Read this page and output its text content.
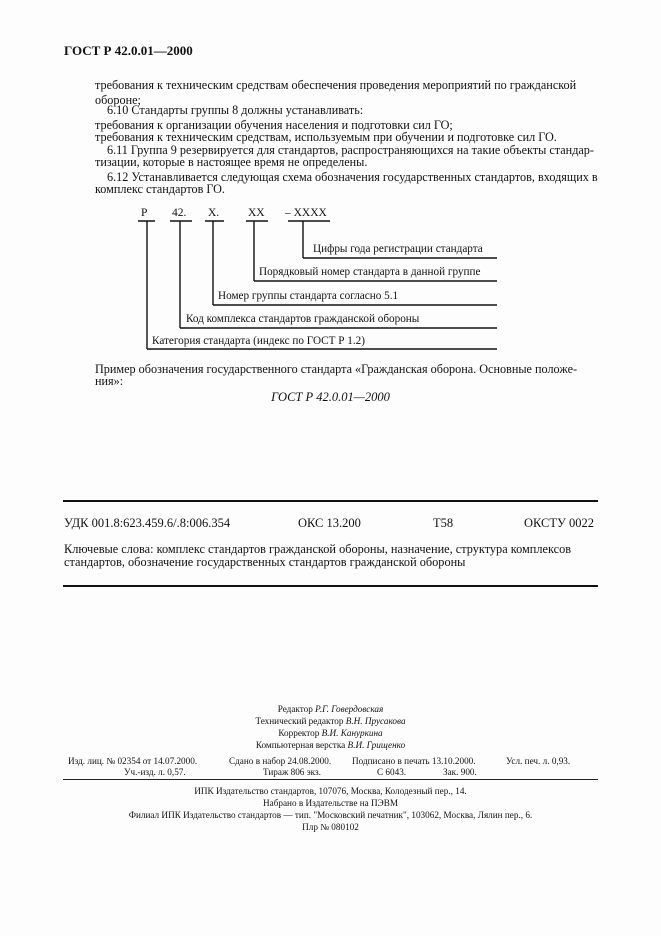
ГОСТ Р 42.0.01—2000
требования к техническим средствам обеспечения проведения мероприятий по гражданской
обороне;
6.10 Стандарты группы 8 должны устанавливать:
требования к организации обучения населения и подготовки сил ГО;
требования к техническим средствам, используемым при обучении и подготовке сил ГО.
6.11 Группа 9 резервируется для стандартов, распространяющихся на такие объекты стандар-
тизации, которые в настоящее время не определены.
6.12 Устанавливается следующая схема обозначения государственных стандартов, входящих в
комплекс стандартов ГО.
Р 42. Х.	ХХ – ХХХХ
Цифры года регистрации стандарта
Порядковый номер стандарта в данной группе
Номер группы стандарта согласно 5.1
Код комплекса стандартов гражданской обороны
Категория стандарта (индекс по ГОСТ Р 1.2)
Пример обозначения государственного стандарта «Гражданская оборона. Основные положе-
ния»:
ГОСТ Р 42.0.01—2000
УДК 001.8:623.459.6/.8:006.354	ОКС 13.200	Т58	ОКСТУ 0022
Ключевые слова: комплекс стандартов гражданской обороны, назначение, структура комплексов
стандартов, обозначение государственных стандартов гражданской обороны
Редактор Р.Г. Говердовская
Технический редактор В.Н. Прусакова
Корректор В.И. Кануркина
Компьютерная верстка В.И. Грищенко
Изд. лиц. № 02354 от 14.07.2000.	Сдано в набор 24.08.2000. Подписано в печать 13.10.2000.	Усл. печ. л. 0,93.
Уч.-изд. л. 0,57.	Тираж 806 экз.	С 6043.	Зак. 900.
ИПК Издательство стандартов, 107076, Москва, Колодезный пер., 14.
Набрано в Издательстве на ПЭВМ
Филиал ИПК Издательство стандартов — тип. "Московский печатник", 103062, Москва, Лялин пер., 6.
Плр № 080102
